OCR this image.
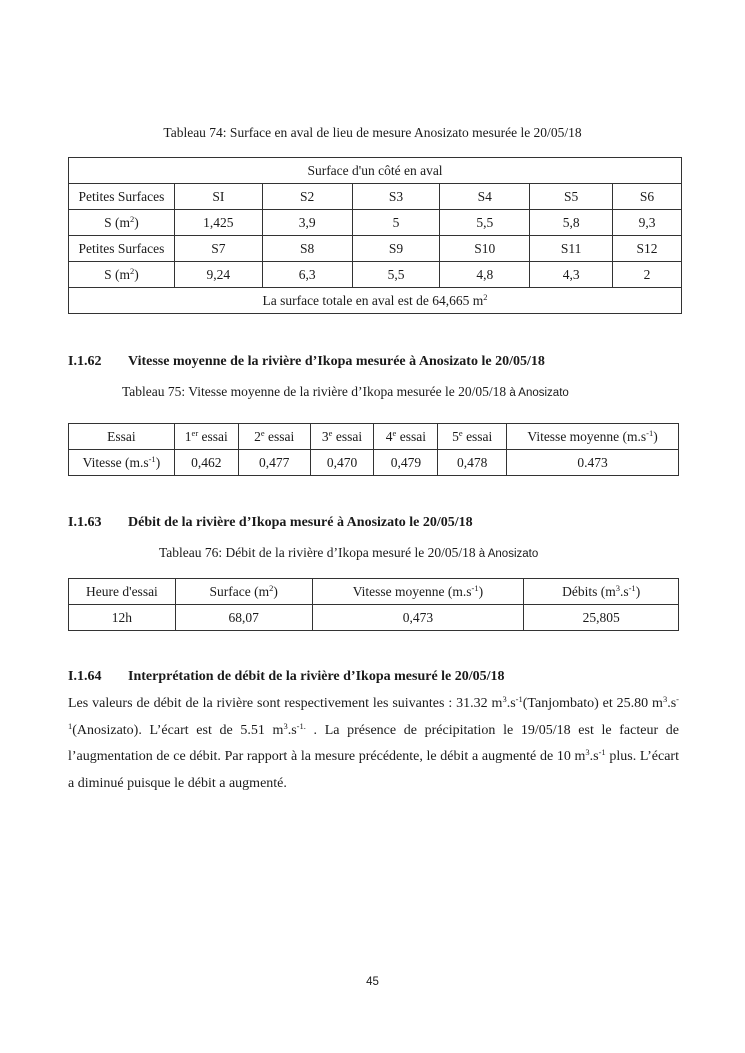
Tableau 74: Surface en aval de lieu de mesure Anosizato mesurée le 20/05/18
Surface d'un côté en aval						
Petites Surfaces	SI	S2	S3	S4	S5	S6
S $(m^2)$	1,425	3,9	5	5,5	5,8	9,3
Petites Surfaces	S7	S8	S9	S10	S11	S12
S $(m^2)$	9,24	6,3	5,5	4,8	4,3	2
La surface totale en aval est de 64,665 $m^2$
I.1.62 Vitesse moyenne de la rivière d’Ikopa mesurée à Anosizato le 20/05/18
Tableau 75: Vitesse moyenne de la rivière d’Ikopa mesurée le 20/05/18 à Anosizato
Essai	1er essai	2e essai	3e essai	4e essai	5e essai	Vitesse moyenne $(m.s^{-1})$
Vitesse $(m.s^{-1})$	0,462	0,477	0,470	0,479	0,478	0.473
I.1.63 Débit de la rivière d’Ikopa mesuré à Anosizato le 20/05/18
Tableau 76: Débit de la rivière d’Ikopa mesuré le 20/05/18 à Anosizato
Heure d'essai	Surface $(m^2)$	Vitesse moyenne $(m.s^{-1})$	Débits $(m^3.s^{-1})$
12h	68,07	0,473	25,805
I.1.64 Interprétation de débit de la rivière d’Ikopa mesuré le 20/05/18

Les valeurs de débit de la rivière sont respectivement les suivantes : 31.32 $m^3.s^{-1}(Tanjombato)$ et 25.80 $m^3.s^{-1}(Anosizato)$. L’écart est de 5.51 $m^3.s^{-1.}$ . La présence de précipitation le 19/05/18 est le facteur de l’augmentation de ce débit. Par rapport à la mesure précédente, le débit a augmenté de 10 $m^3.s^{-1}$ plus. L’écart a diminué puisque le débit a augmenté.

45
